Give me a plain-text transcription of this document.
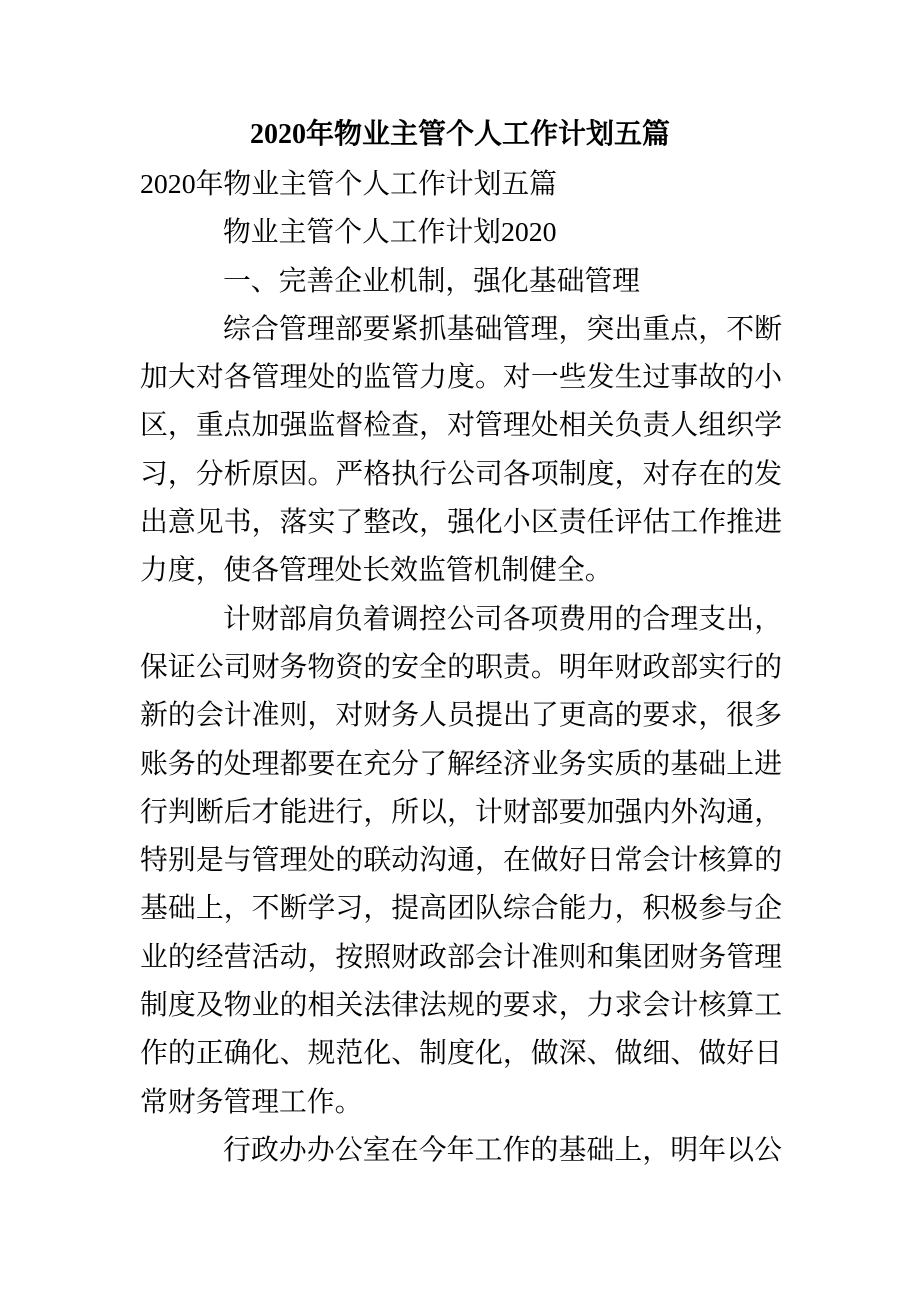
2020年物业主管个人工作计划五篇
2020年物业主管个人工作计划五篇
物业主管个人工作计划2020
一、完善企业机制，强化基础管理
综合管理部要紧抓基础管理，突出重点，不断
加大对各管理处的监管力度。对一些发生过事故的小
区，重点加强监督检查，对管理处相关负责人组织学
习，分析原因。严格执行公司各项制度，对存在的发
出意见书，落实了整改，强化小区责任评估工作推进
力度，使各管理处长效监管机制健全。
计财部肩负着调控公司各项费用的合理支出，
保证公司财务物资的安全的职责。明年财政部实行的
新的会计准则，对财务人员提出了更高的要求，很多
账务的处理都要在充分了解经济业务实质的基础上进
行判断后才能进行，所以，计财部要加强内外沟通，
特别是与管理处的联动沟通，在做好日常会计核算的
基础上，不断学习，提高团队综合能力，积极参与企
业的经营活动，按照财政部会计准则和集团财务管理
制度及物业的相关法律法规的要求，力求会计核算工
作的正确化、规范化、制度化，做深、做细、做好日
常财务管理工作。
行政办办公室在今年工作的基础上，明年以公
